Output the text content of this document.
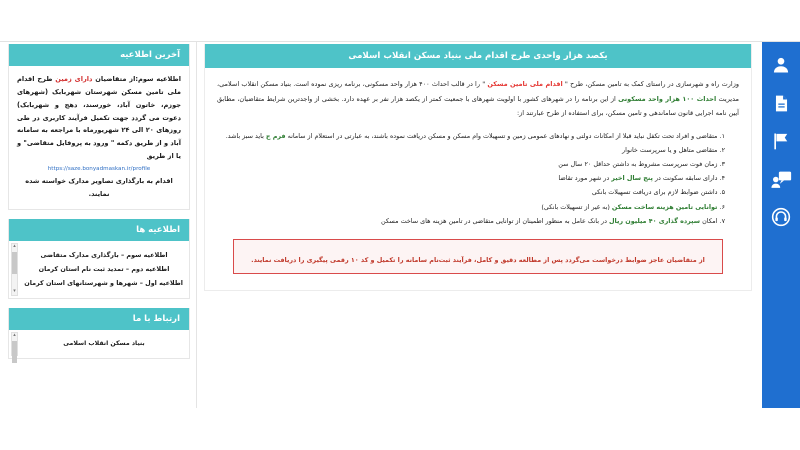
آخرین اطلاعیه
اطلاعیه سوم:از متقاضیان دارای زمین طرح اقدام ملی تامین مسکن شهرستان شهربابک (شهرهای جوزم، خاتون آباد، خورسند، دهج و شهربابک) دعوت می گردد جهت تکمیل فرآیند کاربری در طی روزهای ۲۰ الی ۲۴ شهریورماه با مراجعه به سامانه آباد و از طریق دکمه " ورود به پروفایل متقاضی" و یا از طریق
https://saze.bonyadmaskan.ir/profile
اقدام به بارگذاری تصاویر مدارک خواسته شده نمایند.
اطلاعیه ها
▴
▾
اطلاعیه سوم – بارگذاری مدارک متقاضی
اطلاعیه دوم – تمدید ثبت نام استان کرمان
اطلاعیه اول – شهرها و شهرستانهای استان کرمان
ارتباط با ما
▴
بنیاد مسکن انقلاب اسلامی
یکصد هزار واحدی طرح اقدام ملی بنیاد مسکن انقلاب اسلامی

وزارت راه و شهرسازی در راستای کمک به تامین مسکن، طرح " اقدام ملی تامین مسکن " را در قالب احداث ۴۰۰ هزار واحد مسکونی، برنامه ریزی نموده است. بنیاد مسکن انقلاب اسلامی، مدیریت احداث ۱۰۰ هزار واحد مسکونی از این برنامه را در شهرهای کشور با اولویت شهرهای با جمعیت کمتر از یکصد هزار نفر بر عهده دارد. بخشی از واجدترین شرایط متقاضیان، مطابق آیین نامه اجرایی قانون ساماندهی و تامین مسکن، برای استفاده از طرح عبارتند از:

۱. متقاضی و افراد تحت تکفل نباید قبلا از امکانات دولتی و نهادهای عمومی زمین و تسهیلات وام مسکن و مسکن دریافت نموده باشند، به عبارتی در استعلام از سامانه فرم ج باید سبز باشد.
۲. متقاضی متاهل و یا سرپرست خانوار
۳. زمان فوت سرپرست مشروط به داشتن حداقل ۲۰ سال سن
۴. دارای سابقه سکونت در پنج سال اخیر در شهر مورد تقاضا
۵. داشتن ضوابط لازم برای دریافت تسهیلات بانکی
۶. توانایی تامین هزینه ساخت مسکن (به غیر از تسهیلات بانکی)
۷. امکان سپرده گذاری ۴۰ میلیون ریال در بانک عامل به منظور اطمینان از توانایی متقاضی در تامین هزینه های ساخت مسکن
از متقاضیان عاجز ضوابط درخواست می‌گردد پس از مطالعه دقیق و کامل، فرآیند ثبت‌نام سامانه را تکمیل و کد ۱۰ رقمی پیگیری را دریافت نمایند.
